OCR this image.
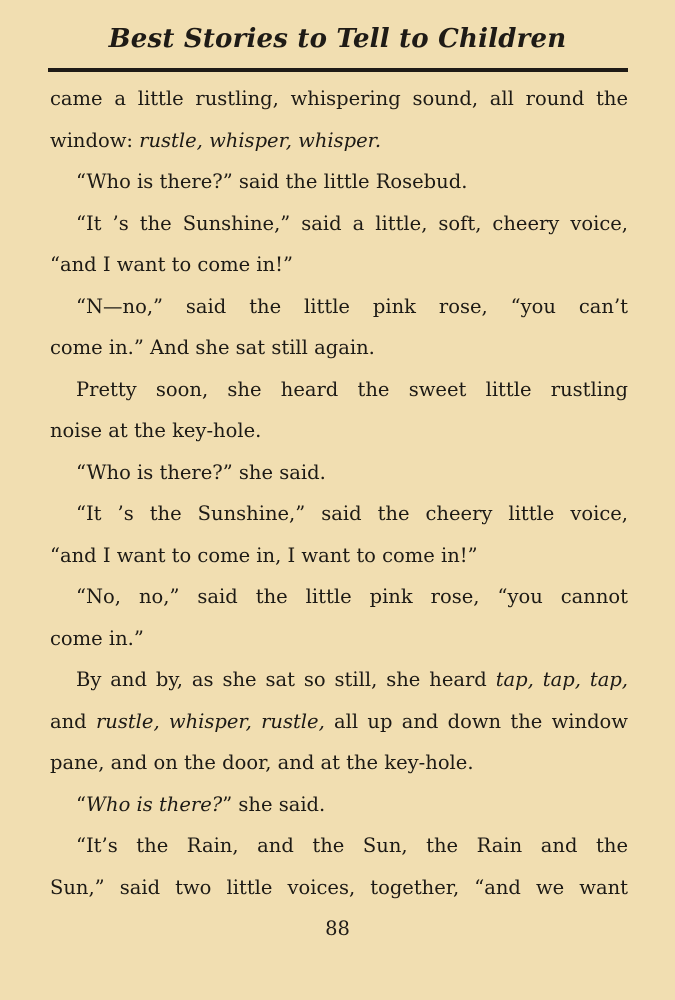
Best Stories to Tell to Children
came a little rustling, whispering sound, all round the
window: rustle, whisper, whisper.
“Who is there?” said the little Rosebud.
“It ’s the Sunshine,” said a little, soft, cheery voice,
“and I want to come in!”
“N—no,” said the little pink rose, “you can’t
come in.” And she sat still again.
Pretty soon, she heard the sweet little rustling
noise at the key-hole.
“Who is there?” she said.
“It ’s the Sunshine,” said the cheery little voice,
“and I want to come in, I want to come in!”
“No, no,” said the little pink rose, “you cannot
come in.”
By and by, as she sat so still, she heard tap, tap, tap,
and rustle, whisper, rustle, all up and down the window
pane, and on the door, and at the key-hole.
“Who is there?” she said.
“It’s the Rain, and the Sun, the Rain and the
Sun,” said two little voices, together, “and we want
88
